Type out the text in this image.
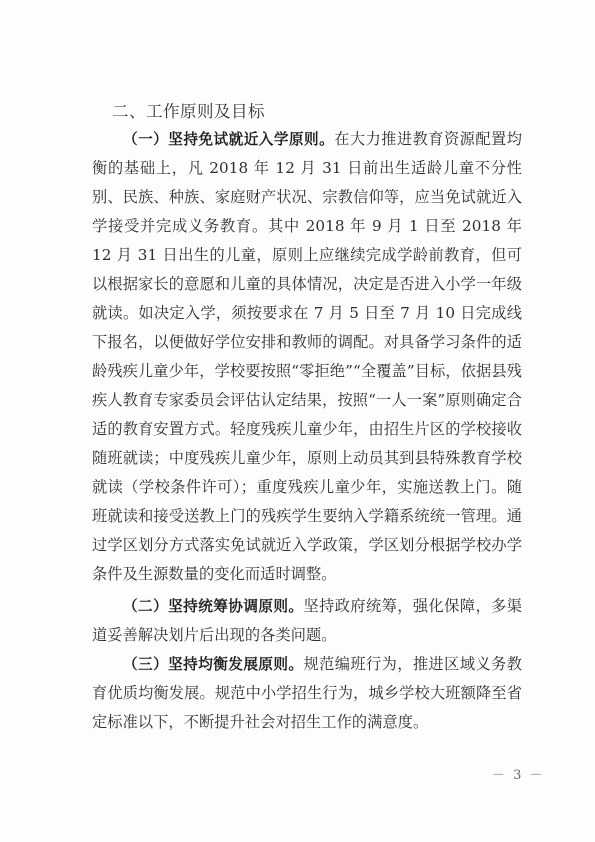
二、工作原则及目标
（一）坚持免试就近入学原则。在大力推进教育资源配置均衡的基础上，凡 2018 年 12 月 31 日前出生适龄儿童不分性别、民族、种族、家庭财产状况、宗教信仰等，应当免试就近入学接受并完成义务教育。其中 2018 年 9 月 1 日至 2018 年 12 月 31 日出生的儿童，原则上应继续完成学龄前教育，但可以根据家长的意愿和儿童的具体情况，决定是否进入小学一年级就读。如决定入学，须按要求在 7 月 5 日至 7 月 10 日完成线下报名，以便做好学位安排和教师的调配。对具备学习条件的适龄残疾儿童少年，学校要按照“零拒绝”“全覆盖”目标，依据县残疾人教育专家委员会评估认定结果，按照“一人一案”原则确定合适的教育安置方式。轻度残疾儿童少年，由招生片区的学校接收随班就读；中度残疾儿童少年，原则上动员其到县特殊教育学校就读（学校条件许可）；重度残疾儿童少年，实施送教上门。随班就读和接受送教上门的残疾学生要纳入学籍系统统一管理。通过学区划分方式落实免试就近入学政策，学区划分根据学校办学条件及生源数量的变化而适时调整。
（二）坚持统筹协调原则。坚持政府统筹，强化保障，多渠道妥善解决划片后出现的各类问题。
（三）坚持均衡发展原则。规范编班行为，推进区域义务教育优质均衡发展。规范中小学招生行为，城乡学校大班额降至省定标准以下，不断提升社会对招生工作的满意度。
－ 3 －
